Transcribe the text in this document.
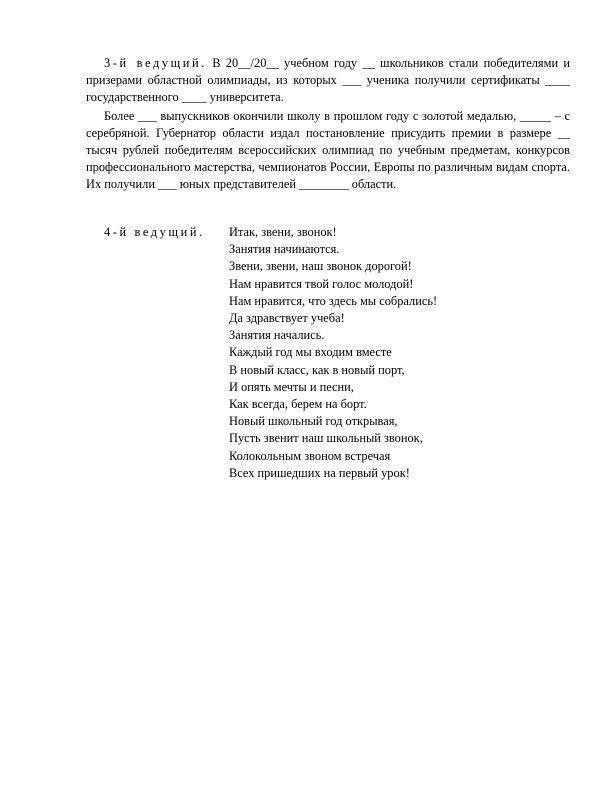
3-й ведущий. В 20__/20__ учебном году __ школьников стали победителями и призерами областной олимпиады, из которых ___ ученика получили сертификаты ____ государственного ____ университета.

Более ___ выпускников окончили школу в прошлом году с золотой медалью, _____ – с серебряной. Губернатор области издал постановление присудить премии в размере __ тысяч рублей победителям всероссийских олимпиад по учебным предметам, конкурсов профессионального мастерства, чемпионатов России, Европы по различным видам спорта. Их получили ___ юных представителей ________ области.

4-й ведущий. Итак, звени, звонок!
Занятия начинаются.
Звени, звени, наш звонок дорогой!
Нам нравится твой голос молодой!
Нам нравится, что здесь мы собрались!
Да здравствует учеба!
Занятия начались.
Каждый год мы входим вместе
В новый класс, как в новый порт,
И опять мечты и песни,
Как всегда, берем на борт.
Новый школьный год открывая,
Пусть звенит наш школьный звонок,
Колокольным звоном встречая
Всех пришедших на первый урок!
